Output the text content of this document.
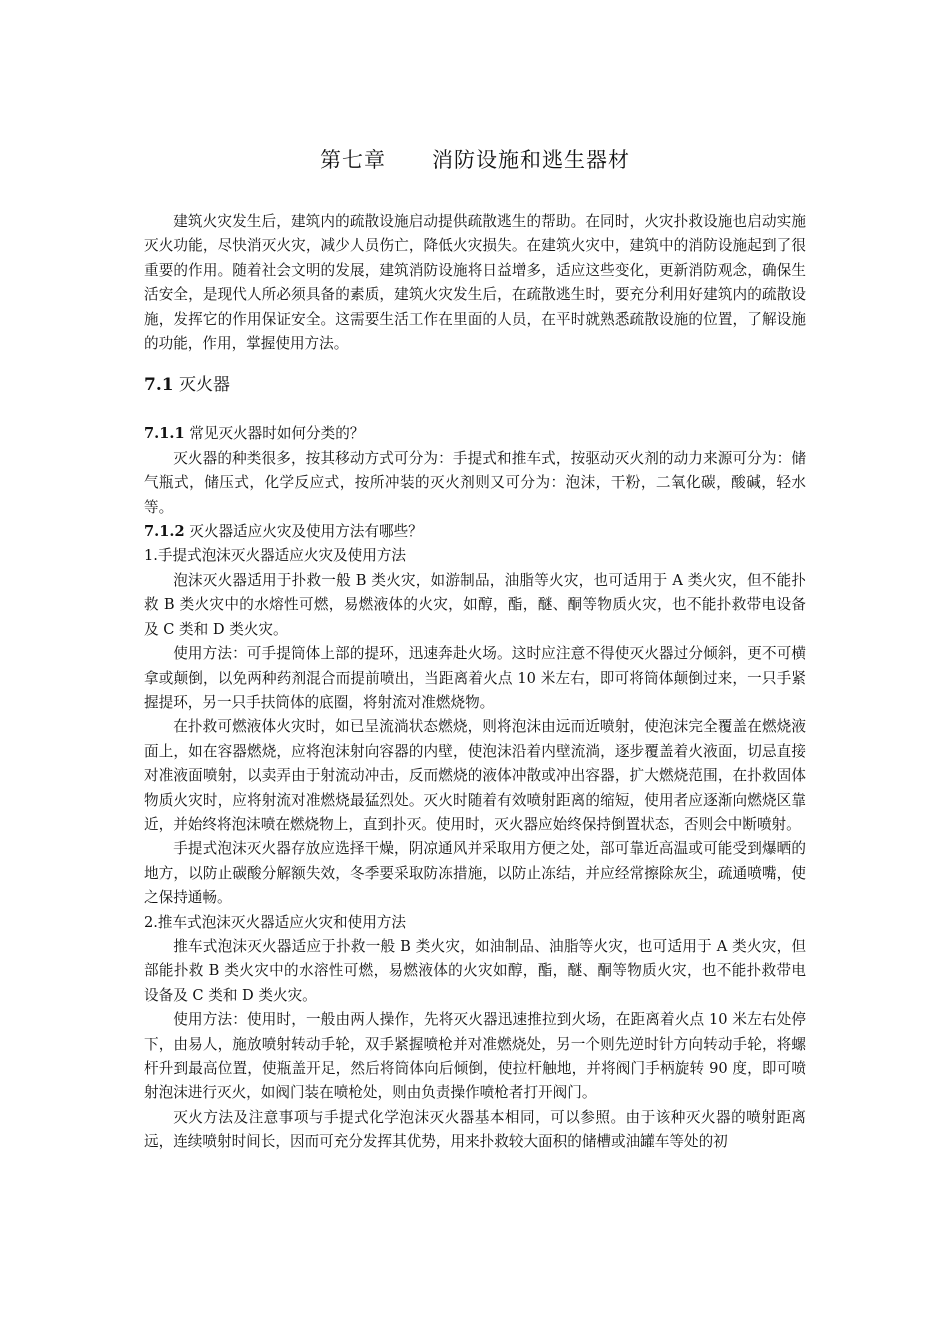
第七章      消防设施和逃生器材

建筑火灾发生后，建筑内的疏散设施启动提供疏散逃生的帮助。在同时，火灾扑救设施也启动实施灭火功能，尽快消灭火灾，减少人员伤亡，降低火灾损失。在建筑火灾中，建筑中的消防设施起到了很重要的作用。随着社会文明的发展，建筑消防设施将日益增多，适应这些变化，更新消防观念，确保生活安全，是现代人所必须具备的素质，建筑火灾发生后，在疏散逃生时，要充分利用好建筑内的疏散设施，发挥它的作用保证安全。这需要生活工作在里面的人员，在平时就熟悉疏散设施的位置，了解设施的功能，作用，掌握使用方法。

7.1 灭火器
7.1.1 常见灭火器时如何分类的？

灭火器的种类很多，按其移动方式可分为：手提式和推车式，按驱动灭火剂的动力来源可分为：储气瓶式，储压式，化学反应式，按所冲装的灭火剂则又可分为：泡沫，干粉，二氧化碳，酸碱，轻水等。

7.1.2 灭火器适应火灾及使用方法有哪些？

1.手提式泡沫灭火器适应火灾及使用方法

泡沫灭火器适用于扑救一般 B 类火灾，如游制品，油脂等火灾，也可适用于 A 类火灾，但不能扑救 B 类火灾中的水熔性可燃，易燃液体的火灾，如醇，酯，醚、酮等物质火灾，也不能扑救带电设备及 C 类和 D 类火灾。

使用方法：可手提筒体上部的提环，迅速奔赴火场。这时应注意不得使灭火器过分倾斜，更不可横拿或颠倒，以免两种药剂混合而提前喷出，当距离着火点 10 米左右，即可将筒体颠倒过来，一只手紧握提环，另一只手扶筒体的底圈，将射流对准燃烧物。

在扑救可燃液体火灾时，如已呈流淌状态燃烧，则将泡沫由远而近喷射，使泡沫完全覆盖在燃烧液面上，如在容器燃烧，应将泡沫射向容器的内壁，使泡沫沿着内壁流淌，逐步覆盖着火液面，切忌直接对准液面喷射，以卖弄由于射流动冲击，反而燃烧的液体冲散或冲出容器，扩大燃烧范围，在扑救固体物质火灾时，应将射流对准燃烧最猛烈处。灭火时随着有效喷射距离的缩短，使用者应逐渐向燃烧区靠近，并始终将泡沫喷在燃烧物上，直到扑灭。使用时，灭火器应始终保持倒置状态，否则会中断喷射。

手提式泡沫灭火器存放应选择干燥，阴凉通风并采取用方便之处，部可靠近高温或可能受到爆晒的地方，以防止碳酸分解额失效，冬季要采取防冻措施，以防止冻结，并应经常擦除灰尘，疏通喷嘴，使之保持通畅。

2.推车式泡沫灭火器适应火灾和使用方法

推车式泡沫灭火器适应于扑救一般 B 类火灾，如油制品、油脂等火灾，也可适用于 A 类火灾，但部能扑救 B 类火灾中的水溶性可燃，易燃液体的火灾如醇，酯，醚、酮等物质火灾，也不能扑救带电设备及 C 类和 D 类火灾。

使用方法：使用时，一般由两人操作，先将灭火器迅速推拉到火场，在距离着火点 10 米左右处停下，由易人，施放喷射转动手轮，双手紧握喷枪并对准燃烧处，另一个则先逆时针方向转动手轮，将螺杆升到最高位置，使瓶盖开足，然后将筒体向后倾倒，使拉杆触地，并将阀门手柄旋转 90 度，即可喷射泡沫进行灭火，如阀门装在喷枪处，则由负责操作喷枪者打开阀门。

灭火方法及注意事项与手提式化学泡沫灭火器基本相同，可以参照。由于该种灭火器的喷射距离远，连续喷射时间长，因而可充分发挥其优势，用来扑救较大面积的储槽或油罐车等处的初
